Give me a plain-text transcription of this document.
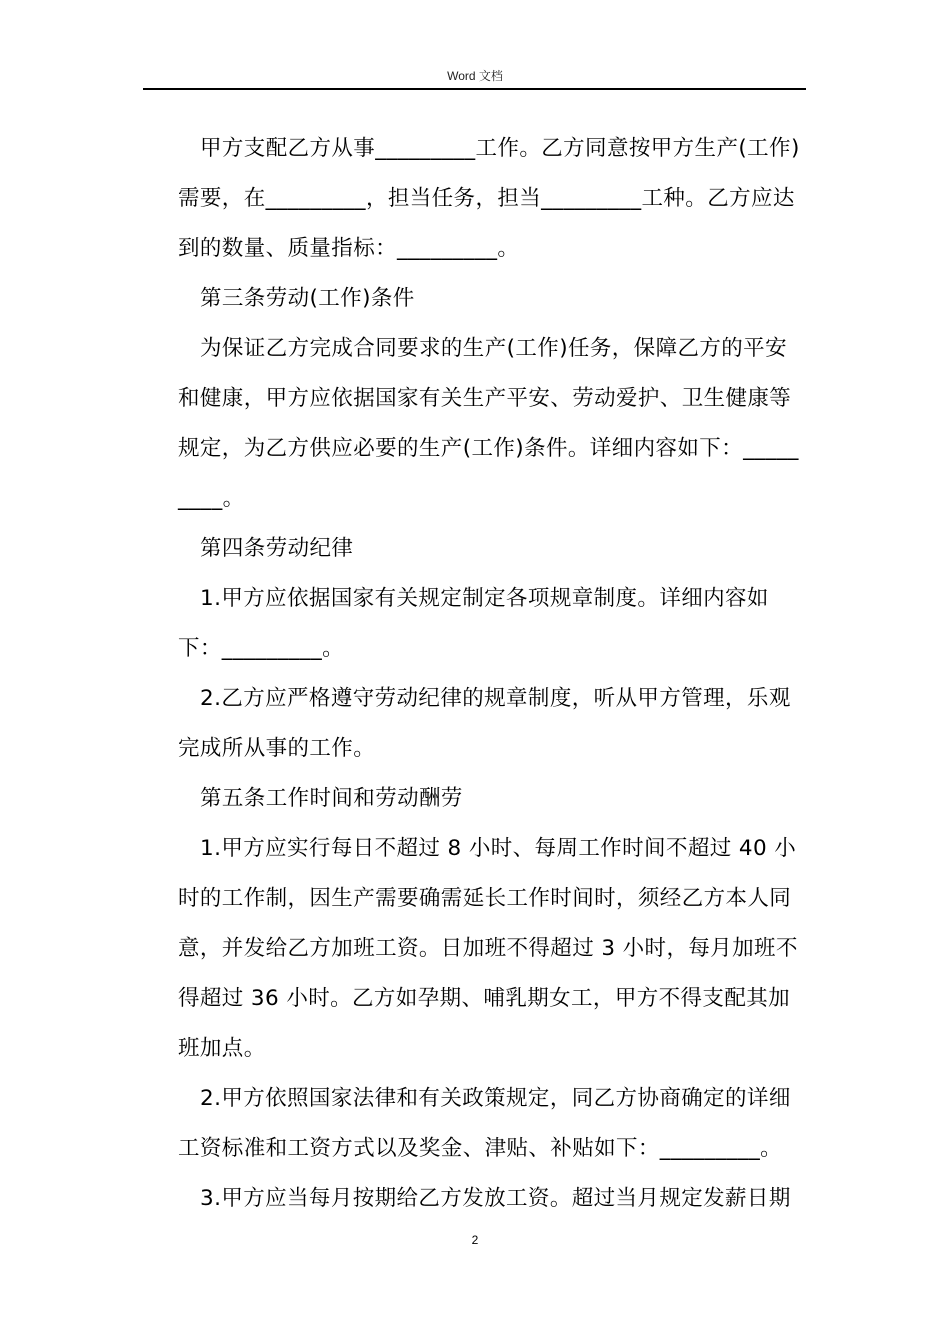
Word 文档

甲方支配乙方从事_________工作。乙方同意按甲方生产(工作)需要，在_________，担当任务，担当_________工种。乙方应达到的数量、质量指标：_________。

第三条劳动(工作)条件

为保证乙方完成合同要求的生产(工作)任务，保障乙方的平安和健康，甲方应依据国家有关生产平安、劳动爱护、卫生健康等规定，为乙方供应必要的生产(工作)条件。详细内容如下：_________。

第四条劳动纪律

1.甲方应依据国家有关规定制定各项规章制度。详细内容如下：_________。

2.乙方应严格遵守劳动纪律的规章制度，听从甲方管理，乐观完成所从事的工作。

第五条工作时间和劳动酬劳

1.甲方应实行每日不超过 8 小时、每周工作时间不超过 40 小时的工作制，因生产需要确需延长工作时间时，须经乙方本人同意，并发给乙方加班工资。日加班不得超过 3 小时，每月加班不得超过 36 小时。乙方如孕期、哺乳期女工，甲方不得支配其加班加点。

2.甲方依照国家法律和有关政策规定，同乙方协商确定的详细工资标准和工资方式以及奖金、津贴、补贴如下：_________。

3.甲方应当每月按期给乙方发放工资。超过当月规定发薪日期

2
